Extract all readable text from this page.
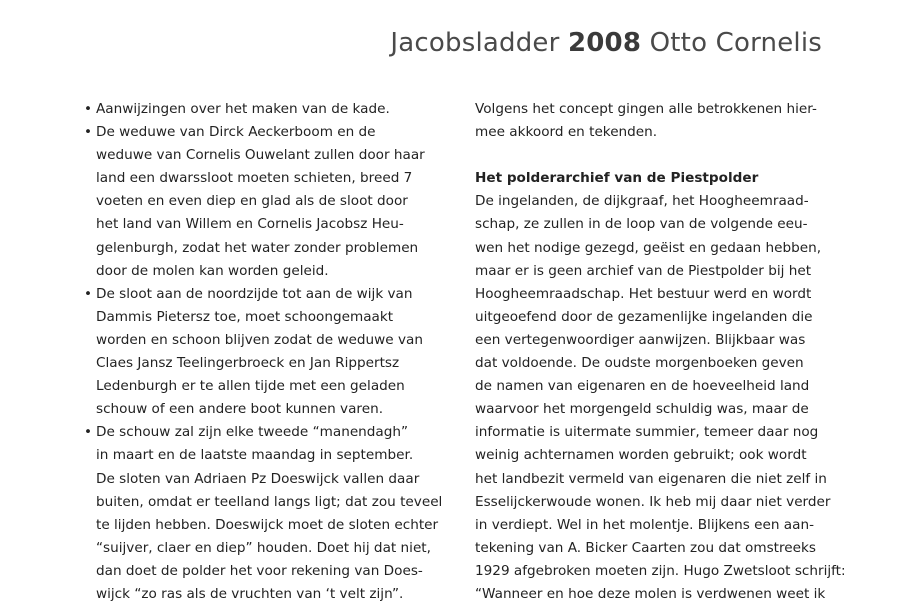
Jacobsladder 2008 Otto Cornelis
• Aanwijzingen over het maken van de kade.
• De weduwe van Dirck Aeckerboom en de
weduwe van Cornelis Ouwelant zullen door haar
land een dwarssloot moeten schieten, breed 7
voeten en even diep en glad als de sloot door
het land van Willem en Cornelis Jacobsz Heu-
gelenburgh, zodat het water zonder problemen
door de molen kan worden geleid.
• De sloot aan de noordzijde tot aan de wijk van
Dammis Pietersz toe, moet schoongemaakt
worden en schoon blijven zodat de weduwe van
Claes Jansz Teelingerbroeck en Jan Rippertsz
Ledenburgh er te allen tijde met een geladen
schouw of een andere boot kunnen varen.
• De schouw zal zijn elke tweede “manendagh”
in maart en de laatste maandag in september.
De sloten van Adriaen Pz Doeswijck vallen daar
buiten, omdat er teelland langs ligt; dat zou teveel
te lijden hebben. Doeswijck moet de sloten echter
“suijver, claer en diep” houden. Doet hij dat niet,
dan doet de polder het voor rekening van Does-
wijck “zo ras als de vruchten van ‘t velt zijn”.
Volgens het concept gingen alle betrokkenen hier-
mee akkoord en tekenden.
Het polderarchief van de Piestpolder
De ingelanden, de dijkgraaf, het Hoogheemraad-
schap, ze zullen in de loop van de volgende eeu-
wen het nodige gezegd, geëist en gedaan hebben,
maar er is geen archief van de Piestpolder bij het
Hoogheemraadschap. Het bestuur werd en wordt
uitgeoefend door de gezamenlijke ingelanden die
een vertegenwoordiger aanwijzen. Blijkbaar was
dat voldoende. De oudste morgenboeken geven
de namen van eigenaren en de hoeveelheid land
waarvoor het morgengeld schuldig was, maar de
informatie is uitermate summier, temeer daar nog
weinig achternamen worden gebruikt; ook wordt
het landbezit vermeld van eigenaren die niet zelf in
Esselijckerwoude wonen. Ik heb mij daar niet verder
in verdiept. Wel in het molentje. Blijkens een aan-
tekening van A. Bicker Caarten zou dat omstreeks
1929 afgebroken moeten zijn. Hugo Zwetsloot schrijft:
“Wanneer en hoe deze molen is verdwenen weet ik
